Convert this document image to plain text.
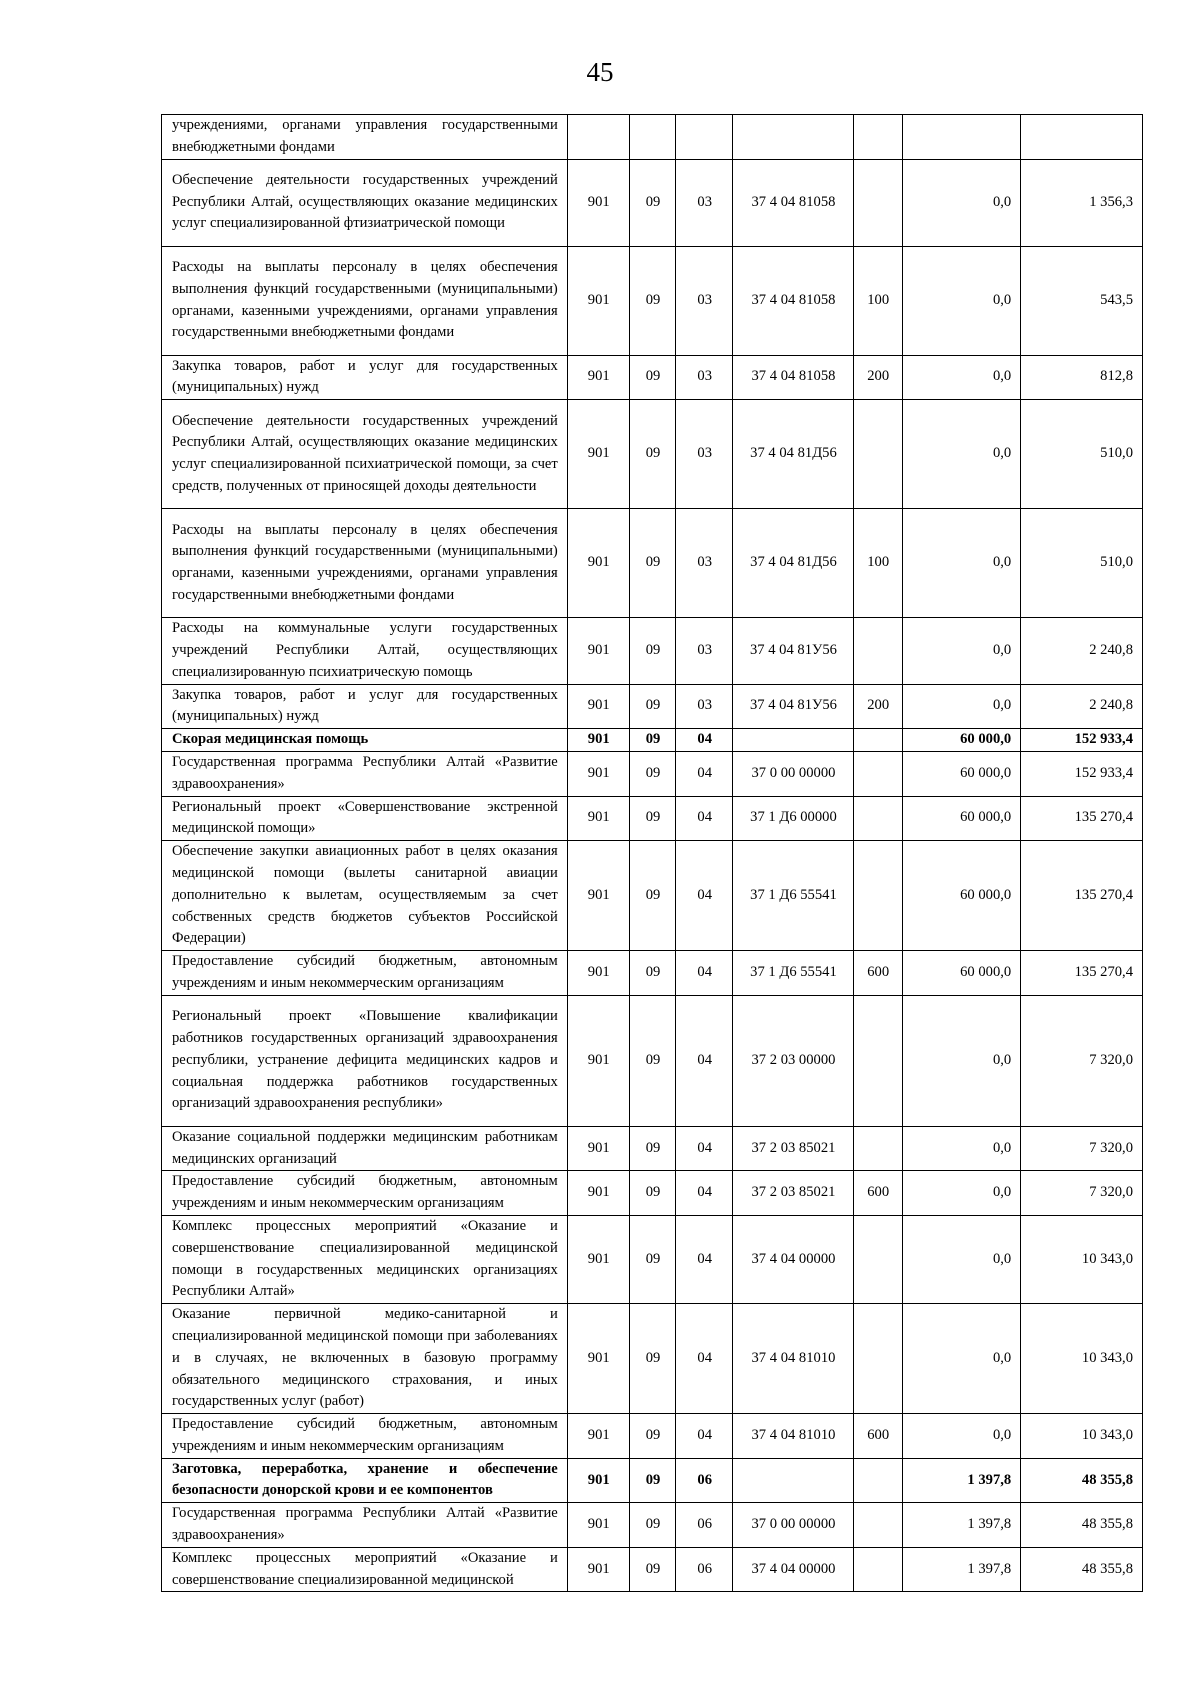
45
учреждениями, органами управления государственными внебюджетными фондами							
Обеспечение деятельности государственных учреждений Республики Алтай, осуществляющих оказание медицинских услуг специализированной фтизиатрической помощи	901	09	03	37 4 04 81058		0,0	1 356,3
Расходы на выплаты персоналу в целях обеспечения выполнения функций государственными (муниципальными) органами, казенными учреждениями, органами управления государственными внебюджетными фондами	901	09	03	37 4 04 81058	100	0,0	543,5
Закупка товаров, работ и услуг для государственных (муниципальных) нужд	901	09	03	37 4 04 81058	200	0,0	812,8
Обеспечение деятельности государственных учреждений Республики Алтай, осуществляющих оказание медицинских услуг специализированной психиатрической помощи, за счет средств, полученных от приносящей доходы деятельности	901	09	03	37 4 04 81Д56		0,0	510,0
Расходы на выплаты персоналу в целях обеспечения выполнения функций государственными (муниципальными) органами, казенными учреждениями, органами управления государственными внебюджетными фондами	901	09	03	37 4 04 81Д56	100	0,0	510,0
Расходы на коммунальные услуги государственных учреждений Республики Алтай, осуществляющих специализированную психиатрическую помощь	901	09	03	37 4 04 81У56		0,0	2 240,8
Закупка товаров, работ и услуг для государственных (муниципальных) нужд	901	09	03	37 4 04 81У56	200	0,0	2 240,8
Скорая медицинская помощь	901	09	04			60 000,0	152 933,4
Государственная программа Республики Алтай «Развитие здравоохранения»	901	09	04	37 0 00 00000		60 000,0	152 933,4
Региональный проект «Совершенствование экстренной медицинской помощи»	901	09	04	37 1 Д6 00000		60 000,0	135 270,4
Обеспечение закупки авиационных работ в целях оказания медицинской помощи (вылеты санитарной авиации дополнительно к вылетам, осуществляемым за счет собственных средств бюджетов субъектов Российской Федерации)	901	09	04	37 1 Д6 55541		60 000,0	135 270,4
Предоставление субсидий бюджетным, автономным учреждениям и иным некоммерческим организациям	901	09	04	37 1 Д6 55541	600	60 000,0	135 270,4
Региональный проект «Повышение квалификации работников государственных организаций здравоохранения республики, устранение дефицита медицинских кадров и социальная поддержка работников государственных организаций здравоохранения республики»	901	09	04	37 2 03 00000		0,0	7 320,0
Оказание социальной поддержки медицинским работникам медицинских организаций	901	09	04	37 2 03 85021		0,0	7 320,0
Предоставление субсидий бюджетным, автономным учреждениям и иным некоммерческим организациям	901	09	04	37 2 03 85021	600	0,0	7 320,0
Комплекс процессных мероприятий «Оказание и совершенствование специализированной медицинской помощи в государственных медицинских организациях Республики Алтай»	901	09	04	37 4 04 00000		0,0	10 343,0
Оказание первичной медико-санитарной и специализированной медицинской помощи при заболеваниях и в случаях, не включенных в базовую программу обязательного медицинского страхования, и иных государственных услуг (работ)	901	09	04	37 4 04 81010		0,0	10 343,0
Предоставление субсидий бюджетным, автономным учреждениям и иным некоммерческим организациям	901	09	04	37 4 04 81010	600	0,0	10 343,0
Заготовка, переработка, хранение и обеспечение безопасности донорской крови и ее компонентов	901	09	06			1 397,8	48 355,8
Государственная программа Республики Алтай «Развитие здравоохранения»	901	09	06	37 0 00 00000		1 397,8	48 355,8
Комплекс процессных мероприятий «Оказание и совершенствование специализированной медицинской	901	09	06	37 4 04 00000		1 397,8	48 355,8
